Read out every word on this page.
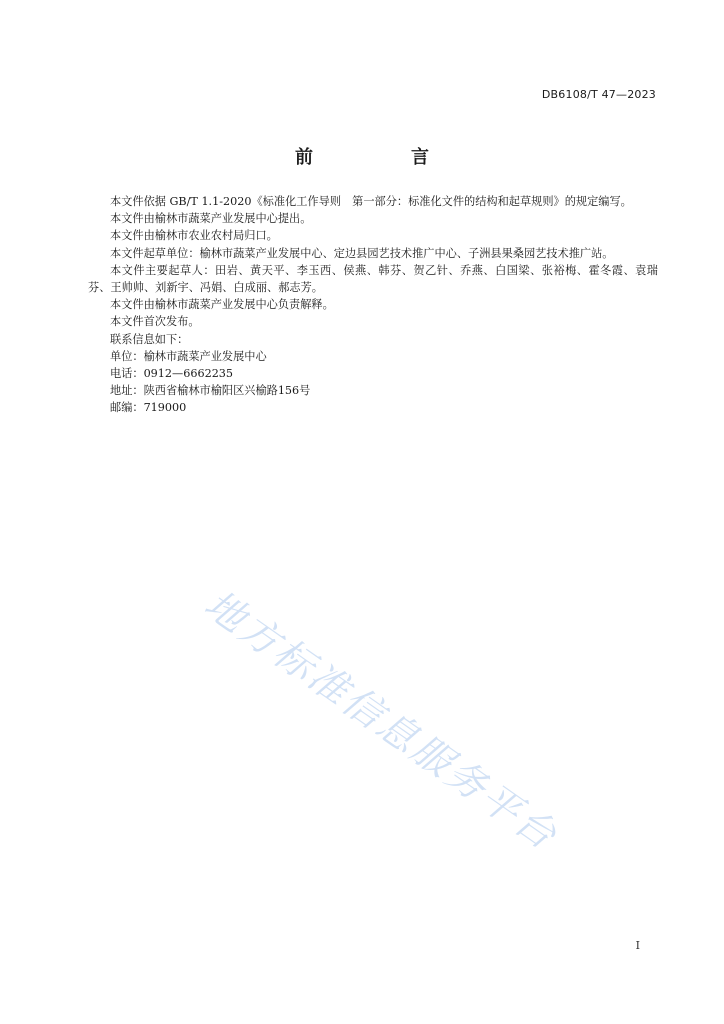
DB6108/T 47—2023
前　言

本文件依据 GB/T 1.1-2020《标准化工作导则　第一部分：标准化文件的结构和起草规则》的规定编写。

本文件由榆林市蔬菜产业发展中心提出。

本文件由榆林市农业农村局归口。

本文件起草单位：榆林市蔬菜产业发展中心、定边县园艺技术推广中心、子洲县果桑园艺技术推广站。

本文件主要起草人：田岩、黄天平、李玉西、侯燕、韩芬、贺乙针、乔燕、白国梁、张裕梅、霍冬霞、袁瑞芬、王帅帅、刘新宇、冯娟、白成丽、郝志芳。

本文件由榆林市蔬菜产业发展中心负责解释。

本文件首次发布。

联系信息如下：

单位：榆林市蔬菜产业发展中心

电话：0912—6662235

地址：陕西省榆林市榆阳区兴榆路156号

邮编：719000

地方标准信息服务平台
I
